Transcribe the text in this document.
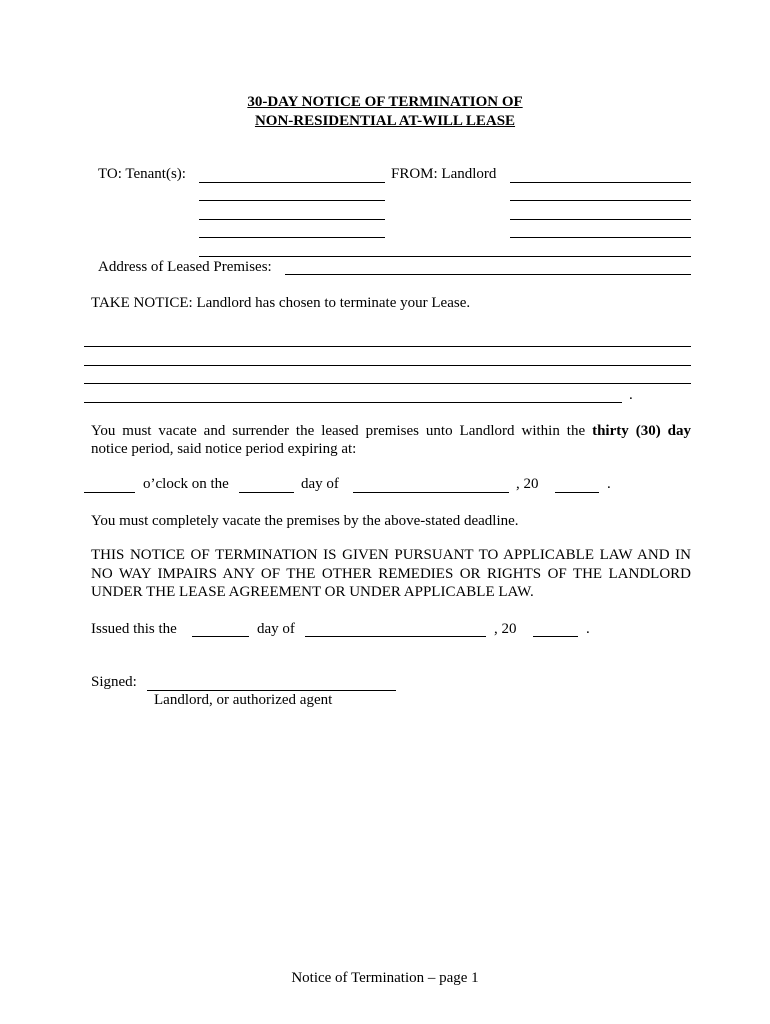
30-DAY NOTICE OF TERMINATION OF
NON-RESIDENTIAL AT-WILL LEASE
TO: Tenant(s):	FROM: Landlord
Address of Leased Premises:
TAKE NOTICE: Landlord has chosen to terminate your Lease.
.
You must vacate and surrender the leased premises unto Landlord within the thirty (30) day
notice period, said notice period expiring at:
o’clock on the	day of	, 20	.
You must completely vacate the premises by the above-stated deadline.
THIS NOTICE OF TERMINATION IS GIVEN PURSUANT TO APPLICABLE LAW AND IN
NO WAY IMPAIRS ANY OF THE OTHER REMEDIES OR RIGHTS OF THE LANDLORD
UNDER THE LEASE AGREEMENT OR UNDER APPLICABLE LAW.
Issued this the	day of	, 20	.
Signed:
Landlord, or authorized agent
Notice of Termination – page 1
